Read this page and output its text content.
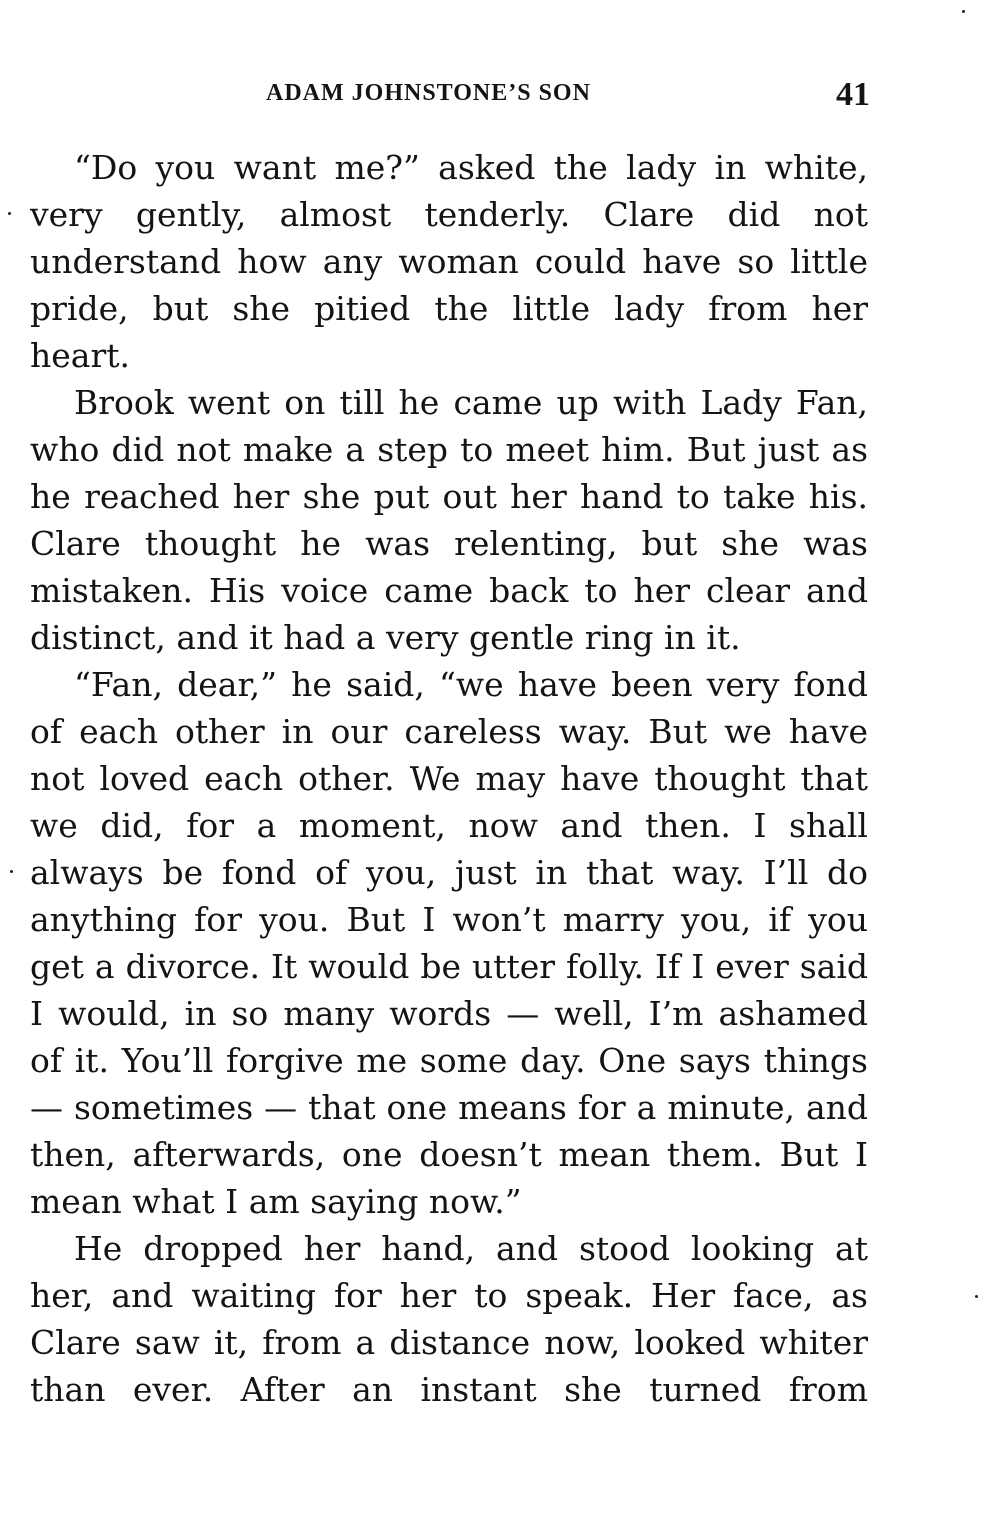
ADAM JOHNSTONE’S SON	41

“Do you want me?” asked the lady in white, very gently, almost tenderly. Clare did not understand how any woman could have so little pride, but she pitied the little lady from her heart.

Brook went on till he came up with Lady Fan, who did not make a step to meet him. But just as he reached her she put out her hand to take his. Clare thought he was relenting, but she was mistaken. His voice came back to her clear and distinct, and it had a very gentle ring in it.

“Fan, dear,” he said, “we have been very fond of each other in our careless way. But we have not loved each other. We may have thought that we did, for a moment, now and then. I shall always be fond of you, just in that way. I’ll do anything for you. But I won’t marry you, if you get a divorce. It would be utter folly. If I ever said I would, in so many words — well, I’m ashamed of it. You’ll forgive me some day. One says things — sometimes — that one means for a minute, and then, afterwards, one doesn’t mean them. But I mean what I am saying now.”

He dropped her hand, and stood looking at her, and waiting for her to speak. Her face, as Clare saw it, from a distance now, looked whiter than ever. After an instant she turned from
